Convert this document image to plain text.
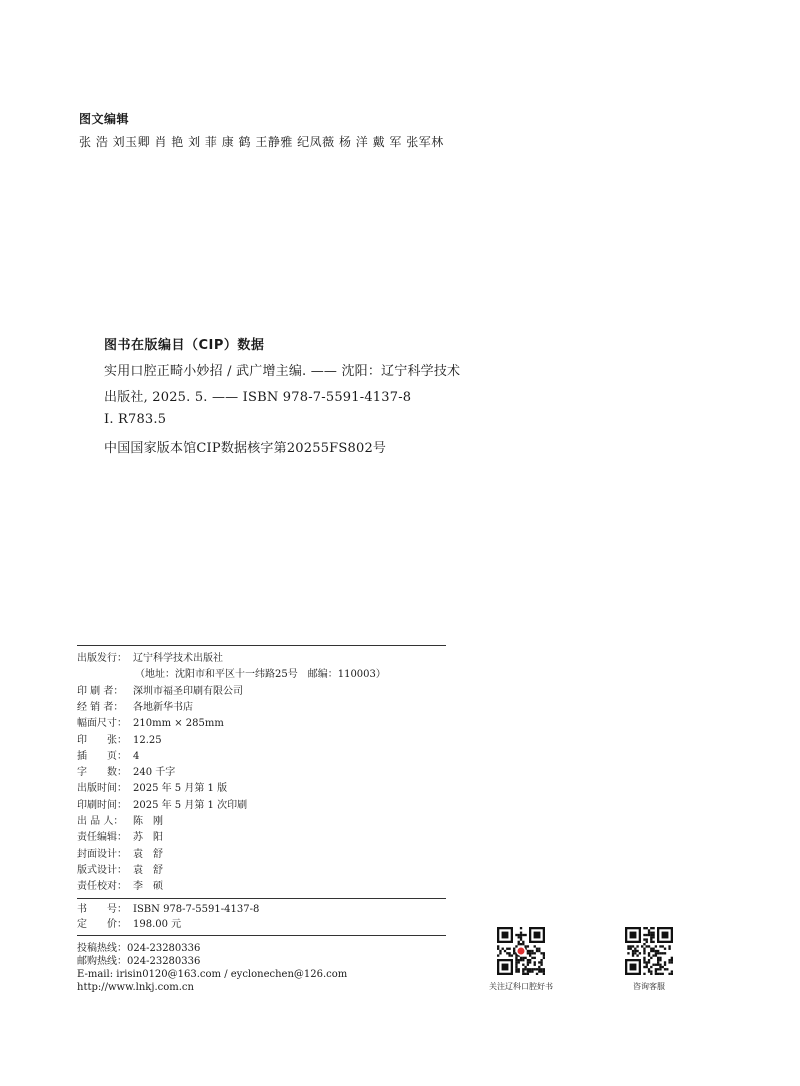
图文编辑
张 浩 刘玉卿 肖 艳 刘 菲 康 鹤 王静雅 纪凤薇 杨 洋 戴 军 张军林
图书在版编目（CIP）数据
实用口腔正畸小妙招 / 武广增主编. —— 沈阳：辽宁科学技术
出版社, 2025. 5. —— ISBN 978-7-5591-4137-8
Ⅰ. R783.5
中国国家版本馆CIP数据核字第20255FS802号
出版发行： 辽宁科学技术出版社
（地址：沈阳市和平区十一纬路25号　邮编：110003）
印 刷 者： 深圳市福圣印刷有限公司
经 销 者： 各地新华书店
幅面尺寸： 210mm × 285mm
印　　张： 12.25
插　　页： 4
字　　数： 240 千字
出版时间： 2025 年 5 月第 1 版
印刷时间： 2025 年 5 月第 1 次印刷
出 品 人： 陈　刚
责任编辑： 苏　阳
封面设计： 袁　舒
版式设计： 袁　舒
责任校对： 李　硕
书　　号： ISBN 978-7-5591-4137-8
定　　价： 198.00 元
投稿热线：024-23280336
邮购热线：024-23280336
E-mail: irisin0120@163.com / eyclonechen@126.com
http://www.lnkj.com.cn	关注辽科口腔好书	咨询客服
